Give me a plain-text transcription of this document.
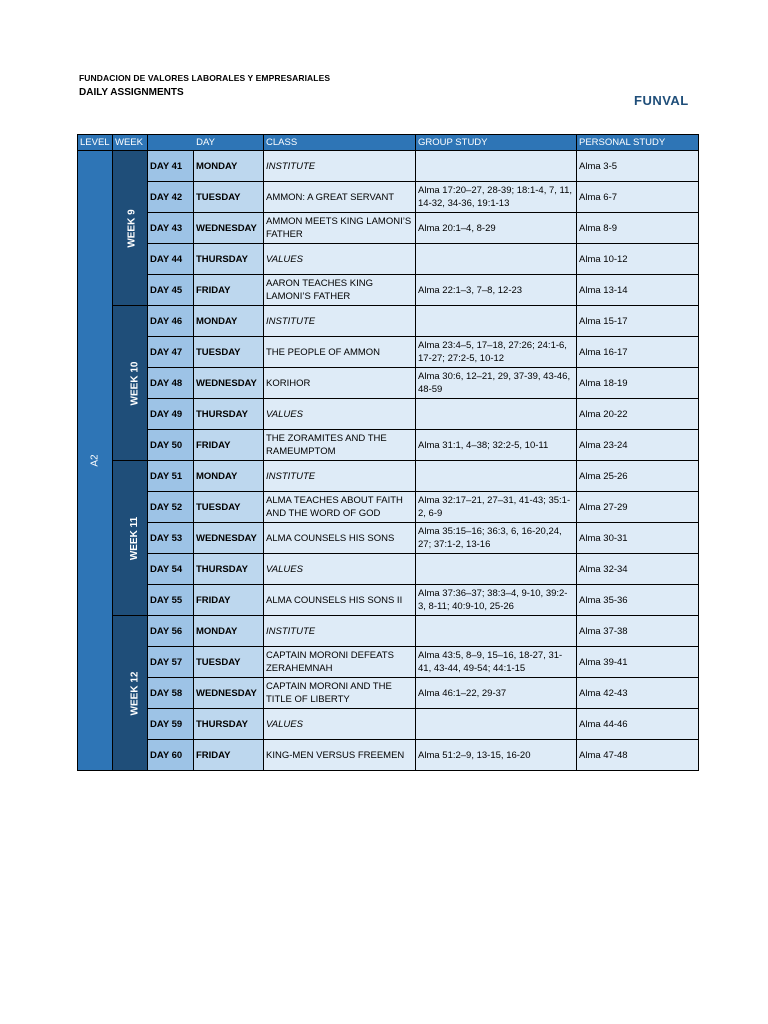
FUNDACION DE VALORES LABORALES Y EMPRESARIALES
DAILY ASSIGNMENTS
FUNVAL
LEVEL	WEEK	DAY		CLASS	GROUP STUDY	PERSONAL STUDY
A2	WEEK 9	DAY 41	MONDAY	INSTITUTE		Alma 3-5
		DAY 42	TUESDAY	AMMON: A GREAT SERVANT	Alma 17:20–27, 28-39; 18:1-4, 7, 11, 14-32, 34-36, 19:1-13	Alma 6-7
		DAY 43	WEDNESDAY	AMMON MEETS KING LAMONI’S FATHER	Alma 20:1–4, 8-29	Alma 8-9
		DAY 44	THURSDAY	VALUES		Alma 10-12
		DAY 45	FRIDAY	AARON TEACHES KING LAMONI’S FATHER	Alma 22:1–3, 7–8, 12-23	Alma 13-14
	WEEK 10	DAY 46	MONDAY	INSTITUTE		Alma 15-17
		DAY 47	TUESDAY	THE PEOPLE OF AMMON	Alma 23:4–5, 17–18, 27:26; 24:1-6, 17-27; 27:2-5, 10-12	Alma 16-17
		DAY 48	WEDNESDAY	KORIHOR	Alma 30:6, 12–21, 29, 37-39, 43-46, 48-59	Alma 18-19
		DAY 49	THURSDAY	VALUES		Alma 20-22
		DAY 50	FRIDAY	THE ZORAMITES AND THE RAMEUMPTOM	Alma 31:1, 4–38; 32:2-5, 10-11	Alma 23-24
	WEEK 11	DAY 51	MONDAY	INSTITUTE		Alma 25-26
		DAY 52	TUESDAY	ALMA TEACHES ABOUT FAITH AND THE WORD OF GOD	Alma 32:17–21, 27–31, 41-43; 35:1-2, 6-9	Alma 27-29
		DAY 53	WEDNESDAY	ALMA COUNSELS HIS SONS	Alma 35:15–16; 36:3, 6, 16-20,24, 27; 37:1-2, 13-16	Alma 30-31
		DAY 54	THURSDAY	VALUES		Alma 32-34
		DAY 55	FRIDAY	ALMA COUNSELS HIS SONS II	Alma 37:36–37; 38:3–4, 9-10, 39:2-3, 8-11; 40:9-10, 25-26	Alma 35-36
	WEEK 12	DAY 56	MONDAY	INSTITUTE		Alma 37-38
		DAY 57	TUESDAY	CAPTAIN MORONI DEFEATS ZERAHEMNAH	Alma 43:5, 8–9, 15–16, 18-27, 31-41, 43-44, 49-54; 44:1-15	Alma 39-41
		DAY 58	WEDNESDAY	CAPTAIN MORONI AND THE TITLE OF LIBERTY	Alma 46:1–22, 29-37	Alma 42-43
		DAY 59	THURSDAY	VALUES		Alma 44-46
		DAY 60	FRIDAY	KING-MEN VERSUS FREEMEN	Alma 51:2–9, 13-15, 16-20	Alma 47-48
